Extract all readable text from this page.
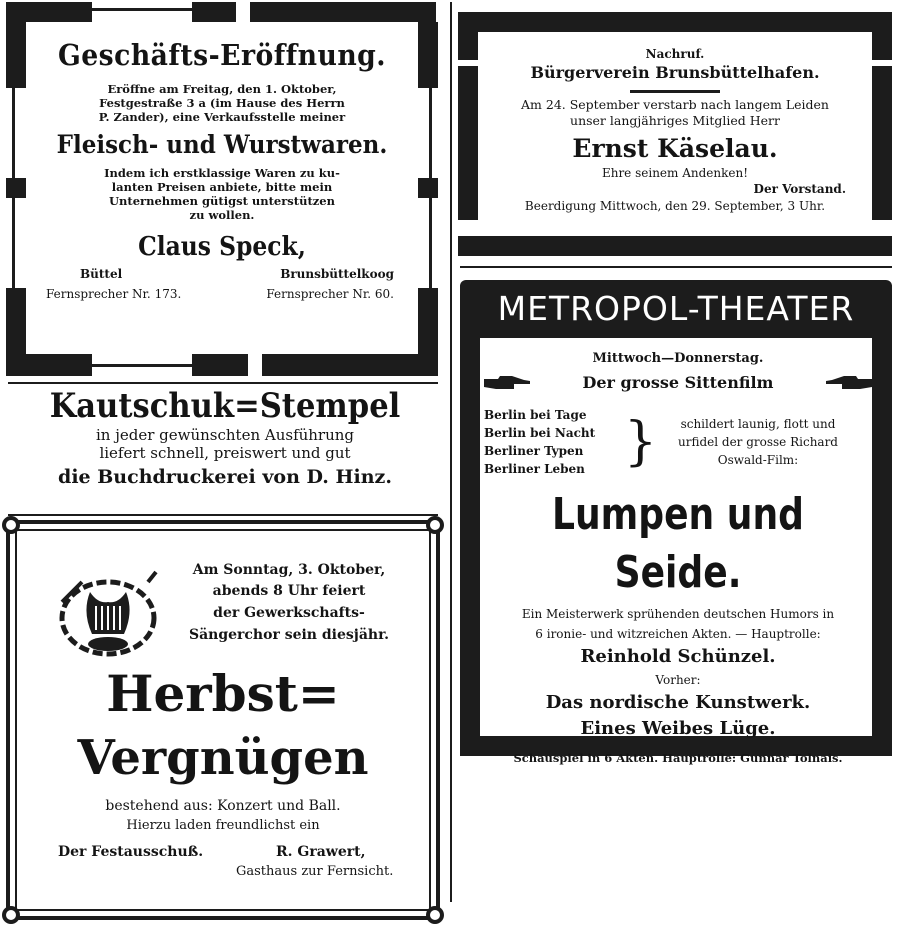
Geschäfts-Eröffnung.
Eröffne am Freitag, den 1. Oktober,
Festgestraße 3 a (im Hause des Herrn
P. Zander), eine Verkaufsstelle meiner
Fleisch- und Wurstwaren.
Indem ich erstklassige Waren zu ku-
lanten Preisen anbiete, bitte mein
Unternehmen gütigst unterstützen
zu wollen.
Claus Speck,
Büttel	Brunsbüttelkoog
Fernsprecher Nr. 173.	Fernsprecher Nr. 60.
Kautschuk=Stempel
in jeder gewünschten Ausführung
liefert schnell, preiswert und gut
die Buchdruckerei von D. Hinz.
Am Sonntag, 3. Oktober,
abends 8 Uhr feiert
der Gewerkschafts-
Sängerchor sein diesjähr.
Herbst=
Vergnügen
bestehend aus: Konzert und Ball.
Hierzu laden freundlichst ein
Der Festausschuß.	R. Grawert,
Gasthaus zur Fernsicht.
Nachruf.
Bürgerverein Brunsbüttelhafen.
Am 24. September verstarb nach langem Leiden
unser langjähriges Mitglied Herr
Ernst Käselau.
Ehre seinem Andenken!
Der Vorstand.
Beerdigung Mittwoch, den 29. September, 3 Uhr.
METROPOL-THEATER
Mittwoch—Donnerstag.
Der grosse Sittenfilm
Berlin bei Tage
Berlin bei Nacht
Berliner Typen
Berliner Leben }	schildert launig, flott und
urfidel der grosse Richard
Oswald-Film:
Lumpen und Seide.
Ein Meisterwerk sprühenden deutschen Humors in
6 ironie- und witzreichen Akten. — Hauptrolle:
Reinhold Schünzel.
Vorher:
Das nordische Kunstwerk.
Eines Weibes Lüge.
Schauspiel in 6 Akten. Hauptrolle: Gunnar Tolnais.
